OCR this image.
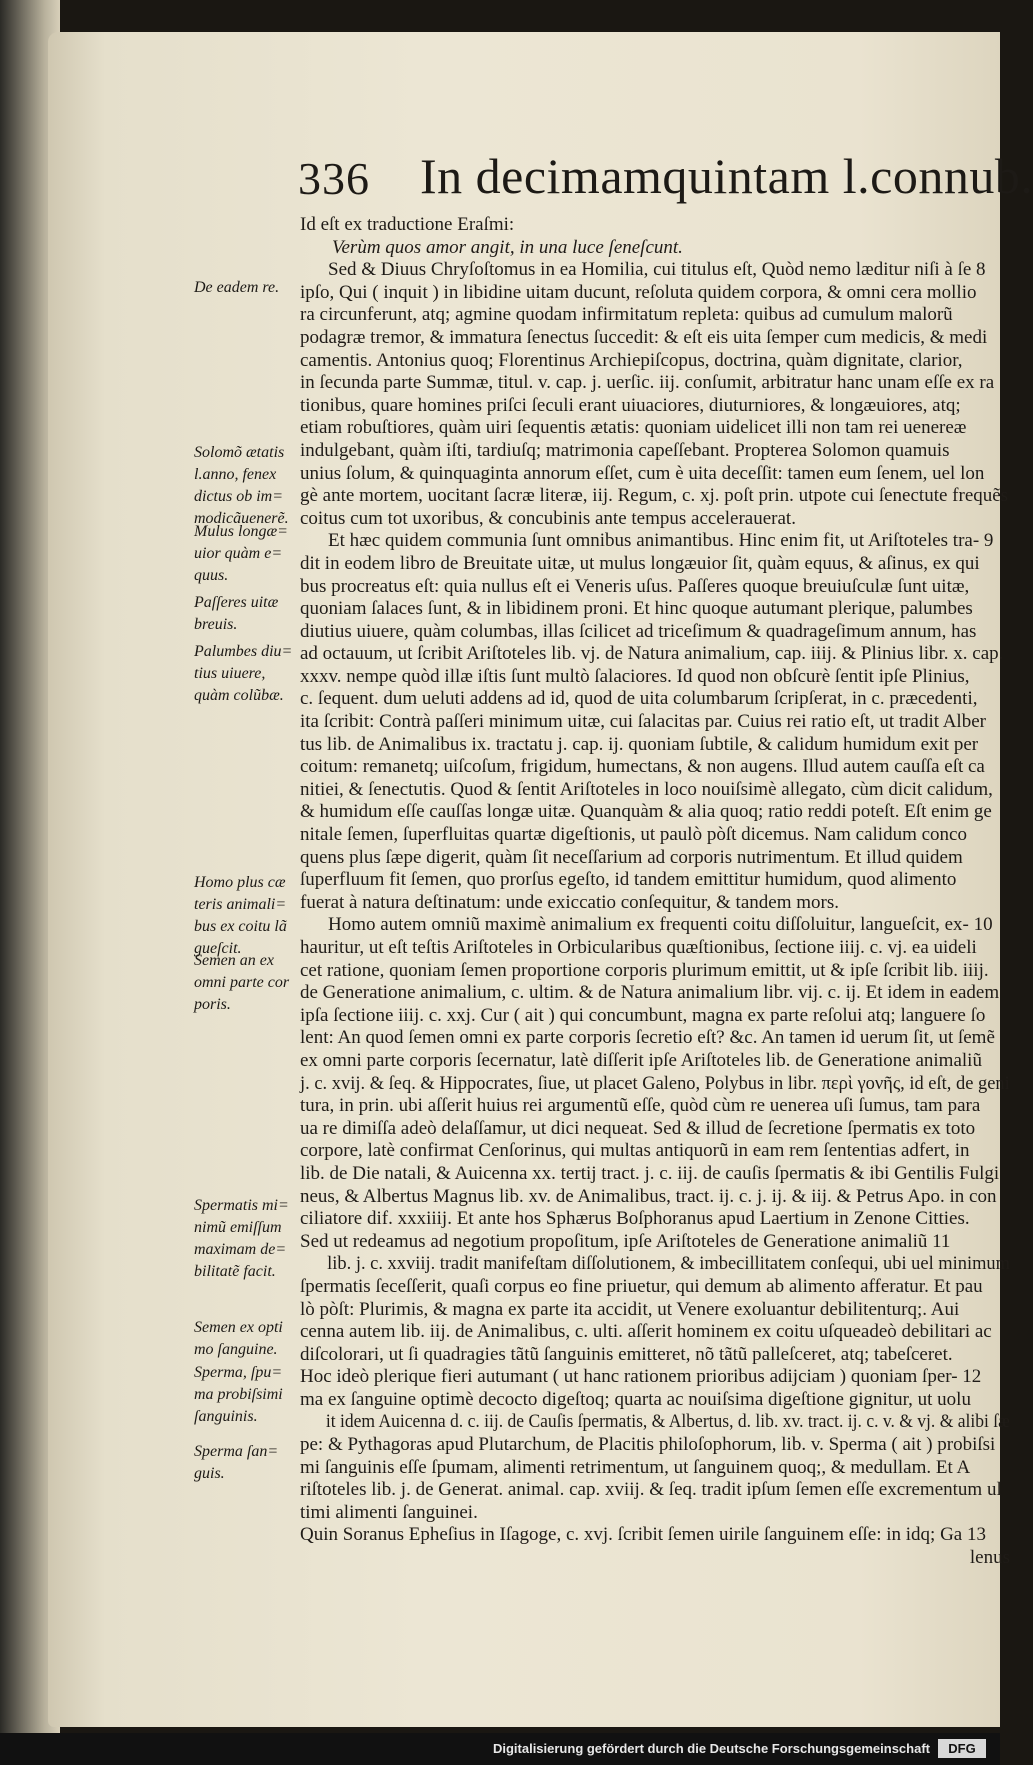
336 In decimamquintam l.connub.
De eadem re.
Solomõ ætatis l.anno, fenex dictus ob im= modicãuenerẽ.
Mulus longæ= uior quàm e= quus.
Paſſeres uitæ breuis.
Palumbes diu= tius uiuere, quàm colũbæ.
Homo plus cæ teris animali= bus ex coitu lã gueſcit.
Semen an ex omni parte cor poris.
Spermatis mi= nimũ emiſſum maximam de= bilitatẽ facit.
Semen ex opti mo ſanguine.
Sperma, ſpu= ma probiſsimi ſanguinis.
Sperma ſan= guis.
Id eſt ex traductione Eraſmi:
Verùm quos amor angit, in una luce ſeneſcunt.
Sed & Diuus Chryſoſtomus in ea Homilia, cui titulus eſt, Quòd nemo læditur niſi à ſe 8
ipſo, Qui ( inquit ) in libidine uitam ducunt, reſoluta quidem corpora, & omni cera mollio
ra circunferunt, atq; agmine quodam infirmitatum repleta: quibus ad cumulum malorũ
podagræ tremor, & immatura ſenectus ſuccedit: & eſt eis uita ſemper cum medicis, & medi
camentis. Antonius quoq; Florentinus Archiepiſcopus, doctrina, quàm dignitate, clarior,
in ſecunda parte Summæ, titul. v. cap. j. uerſic. iij. conſumit, arbitratur hanc unam eſſe ex ra
tionibus, quare homines priſci ſeculi erant uiuaciores, diuturniores, & longæuiores, atq;
etiam robuſtiores, quàm uiri ſequentis ætatis: quoniam uidelicet illi non tam rei uenereæ
indulgebant, quàm iſti, tardiuſq; matrimonia capeſſebant. Propterea Solomon quamuis
unius ſolum, & quinquaginta annorum eſſet, cum è uita deceſſit: tamen eum ſenem, uel lon
gè ante mortem, uocitant ſacræ literæ, iij. Regum, c. xj. poſt prin. utpote cui ſenectute frequẽs
coitus cum tot uxoribus, & concubinis ante tempus accelerauerat.
Et hæc quidem communia ſunt omnibus animantibus. Hinc enim fit, ut Ariſtoteles tra- 9
dit in eodem libro de Breuitate uitæ, ut mulus longæuior ſit, quàm equus, & aſinus, ex qui
bus procreatus eſt: quia nullus eſt ei Veneris uſus. Paſſeres quoque breuiuſculæ ſunt uitæ,
quoniam ſalaces ſunt, & in libidinem proni. Et hinc quoque autumant plerique, palumbes
diutius uiuere, quàm columbas, illas ſcilicet ad triceſimum & quadrageſimum annum, has
ad octauum, ut ſcribit Ariſtoteles lib. vj. de Natura animalium, cap. iiij. & Plinius libr. x. cap.
xxxv. nempe quòd illæ iſtis ſunt multò ſalaciores. Id quod non obſcurè ſentit ipſe Plinius,
c. ſequent. dum ueluti addens ad id, quod de uita columbarum ſcripſerat, in c. præcedenti,
ita ſcribit: Contrà paſſeri minimum uitæ, cui ſalacitas par. Cuius rei ratio eſt, ut tradit Alber
tus lib. de Animalibus ix. tractatu j. cap. ij. quoniam ſubtile, & calidum humidum exit per
coitum: remanetq; uiſcoſum, frigidum, humectans, & non augens. Illud autem cauſſa eſt ca
nitiei, & ſenectutis. Quod & ſentit Ariſtoteles in loco nouiſsimè allegato, cùm dicit calidum,
& humidum eſſe cauſſas longæ uitæ. Quanquàm & alia quoq; ratio reddi poteſt. Eſt enim ge
nitale ſemen, ſuperfluitas quartæ digeſtionis, ut paulò pòſt dicemus. Nam calidum conco
quens plus ſæpe digerit, quàm ſit neceſſarium ad corporis nutrimentum. Et illud quidem
ſuperfluum fit ſemen, quo prorſus egeſto, id tandem emittitur humidum, quod alimento
fuerat à natura deſtinatum: unde exiccatio conſequitur, & tandem mors.
Homo autem omniũ maximè animalium ex frequenti coitu diſſoluitur, langueſcit, ex- 10
hauritur, ut eſt teſtis Ariſtoteles in Orbicularibus quæſtionibus, ſectione iiij. c. vj. ea uideli
cet ratione, quoniam ſemen proportione corporis plurimum emittit, ut & ipſe ſcribit lib. iiij.
de Generatione animalium, c. ultim. & de Natura animalium libr. vij. c. ij. Et idem in eadem
ipſa ſectione iiij. c. xxj. Cur ( ait ) qui concumbunt, magna ex parte reſolui atq; languere ſo
lent: An quod ſemen omni ex parte corporis ſecretio eſt? &c. An tamen id uerum ſit, ut ſemẽ
ex omni parte corporis ſecernatur, latè diſſerit ipſe Ariſtoteles lib. de Generatione animaliũ
j. c. xvij. & ſeq. & Hippocrates, ſiue, ut placet Galeno, Polybus in libr. περὶ γονῆς, id eſt, de geni
tura, in prin. ubi aſſerit huius rei argumentũ eſſe, quòd cùm re uenerea uſi ſumus, tam para
ua re dimiſſa adeò delaſſamur, ut dici nequeat. Sed & illud de ſecretione ſpermatis ex toto
corpore, latè confirmat Cenſorinus, qui multas antiquorũ in eam rem ſententias adfert, in
lib. de Die natali, & Auicenna xx. tertij tract. j. c. iij. de cauſis ſpermatis & ibi Gentilis Fulgi
neus, & Albertus Magnus lib. xv. de Animalibus, tract. ij. c. j. ij. & iij. & Petrus Apo. in con
ciliatore dif. xxxiiij. Et ante hos Sphærus Boſphoranus apud Laertium in Zenone Citties.
Sed ut redeamus ad negotium propoſitum, ipſe Ariſtoteles de Generatione animaliũ 11
lib. j. c. xxviij. tradit manifeſtam diſſolutionem, & imbecillitatem conſequi, ubi uel minimum
ſpermatis ſeceſſerit, quaſi corpus eo fine priuetur, qui demum ab alimento afferatur. Et pau
lò pòſt: Plurimis, & magna ex parte ita accidit, ut Venere exoluantur debilitenturq;. Aui
cenna autem lib. iij. de Animalibus, c. ulti. aſſerit hominem ex coitu uſqueadeò debilitari ac
diſcolorari, ut ſi quadragies tãtũ ſanguinis emitteret, nõ tãtũ palleſceret, atq; tabeſceret.
Hoc ideò plerique fieri autumant ( ut hanc rationem prioribus adijciam ) quoniam ſper- 12
ma ex ſanguine optimè decocto digeſtoq; quarta ac nouiſsima digeſtione gignitur, ut uolu
it idem Auicenna d. c. iij. de Cauſis ſpermatis, & Albertus, d. lib. xv. tract. ij. c. v. & vj. & alibi ſæ
pe: & Pythagoras apud Plutarchum, de Placitis philoſophorum, lib. v. Sperma ( ait ) probiſsi
mi ſanguinis eſſe ſpumam, alimenti retrimentum, ut ſanguinem quoq;, & medullam. Et A
riſtoteles lib. j. de Generat. animal. cap. xviij. & ſeq. tradit ipſum ſemen eſſe excrementum ul
timi alimenti ſanguinei.
Quin Soranus Epheſius in Iſagoge, c. xvj. ſcribit ſemen uirile ſanguinem eſſe: in idq; Ga 13
lenus
Digitalisierung gefördert durch die Deutsche Forschungsgemeinschaft	DFG
